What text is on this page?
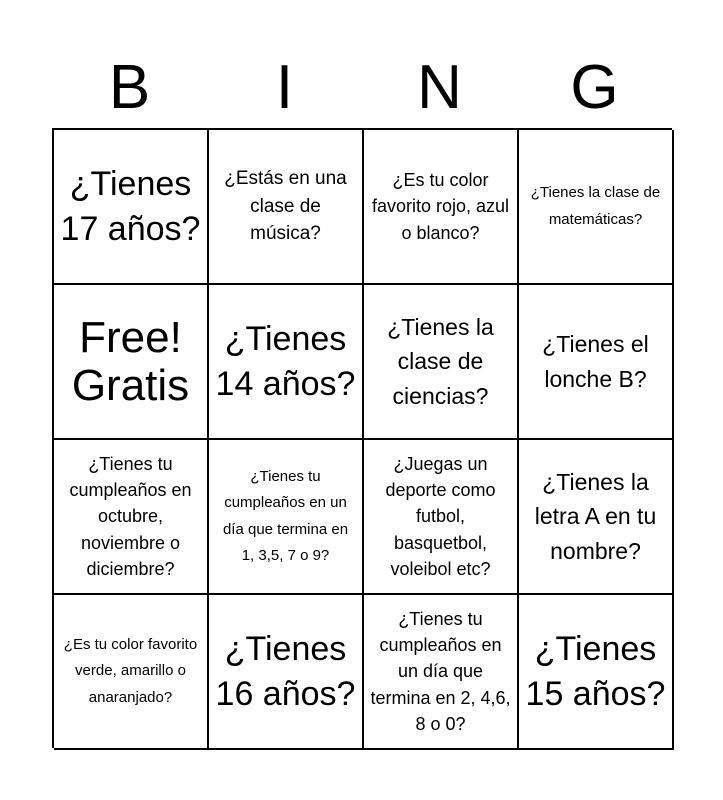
B	I	N	G
¿Tienes 17 años?
¿Estás en una clase de música?
¿Es tu color favorito rojo, azul o blanco?
¿Tienes la clase de matemáticas?
Free! Gratis
¿Tienes 14 años?
¿Tienes la clase de ciencias?
¿Tienes el lonche B?
¿Tienes tu cumpleaños en octubre, noviembre o diciembre?
¿Tienes tu cumpleaños en un día que termina en 1, 3,5, 7 o 9?
¿Juegas un deporte como futbol, basquetbol, voleibol etc?
¿Tienes la letra A en tu nombre?
¿Es tu color favorito verde, amarillo o anaranjado?
¿Tienes 16 años?
¿Tienes tu cumpleaños en un día que termina en 2, 4,6, 8 o 0?
¿Tienes 15 años?
